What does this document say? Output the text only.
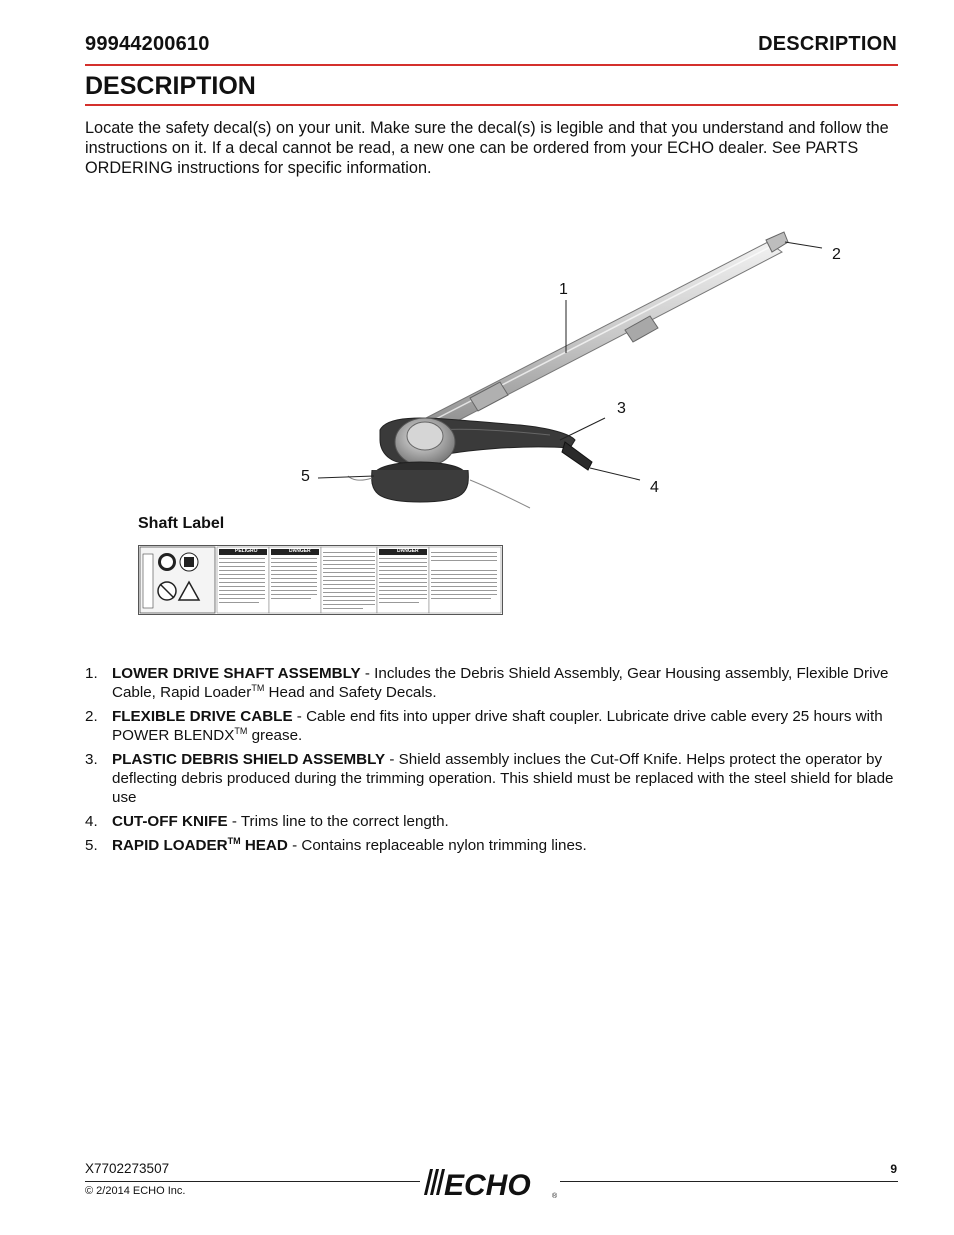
99944200610	DESCRIPTION
DESCRIPTION
Locate the safety decal(s) on your unit. Make sure the decal(s) is legible and that you understand and follow the instructions on it. If a decal cannot be read, a new one can be ordered from your ECHO dealer. See PARTS ORDERING instructions for specific information.
1
2
3
4
5
Shaft Label
PELIGRO	DANGER	DANGER
1. LOWER DRIVE SHAFT ASSEMBLY - Includes the Debris Shield Assembly, Gear Housing assembly, Flexible Drive Cable, Rapid Loader™ Head and Safety Decals.
2. FLEXIBLE DRIVE CABLE - Cable end fits into upper drive shaft coupler. Lubricate drive cable every 25 hours with POWER BLENDX™ grease.
3. PLASTIC DEBRIS SHIELD ASSEMBLY - Shield assembly inclues the Cut-Off Knife. Helps protect the operator by deflecting debris produced during the trimming operation. This shield must be replaced with the steel shield for blade use
4. CUT-OFF KNIFE - Trims line to the correct length.
5. RAPID LOADER™ HEAD - Contains replaceable nylon trimming lines.
X7702273507
© 2/2014 ECHO Inc.
9
ECHO	®
